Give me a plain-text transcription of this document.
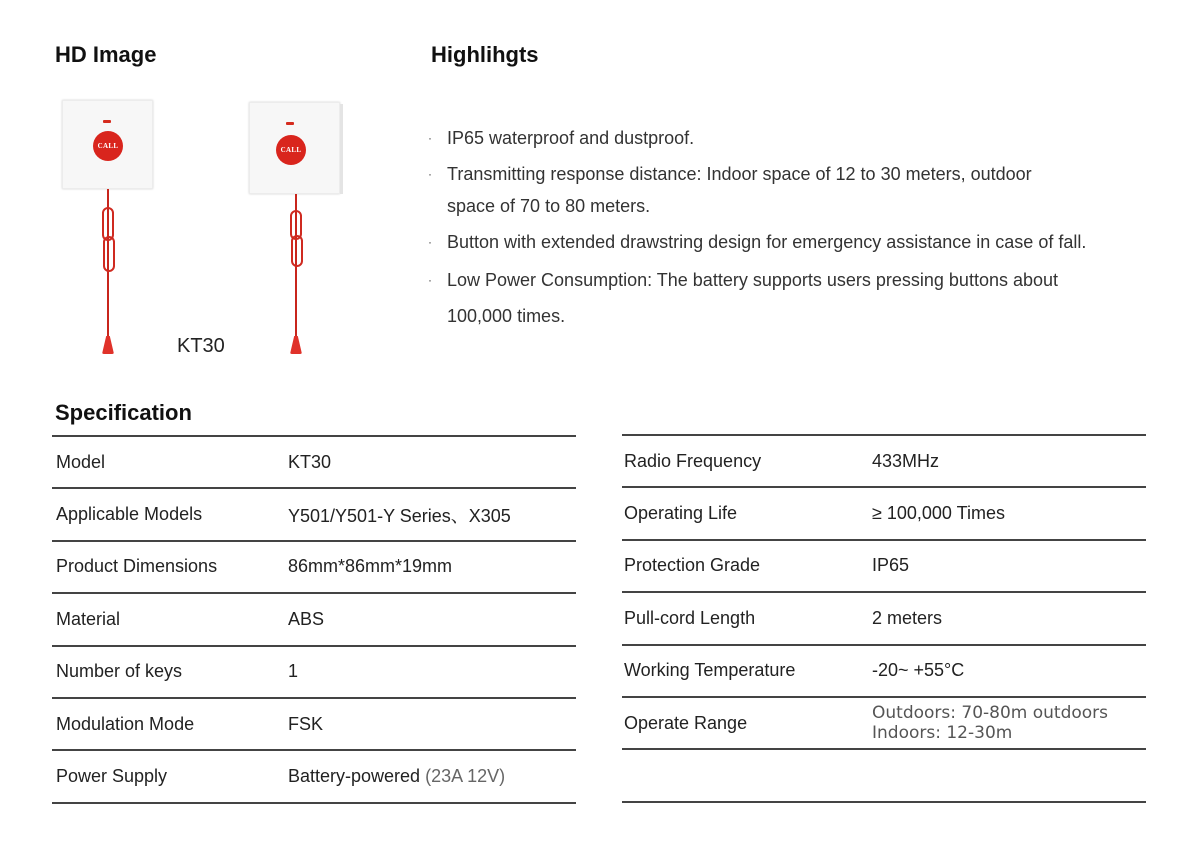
HD Image
CALL	CALL
KT30
Highlihgts
· IP65 waterproof and dustproof.
· Transmitting response distance: Indoor space of 12 to 30 meters, outdoor
space of 70 to 80 meters.
· Button with extended drawstring design for emergency assistance in case of fall.
· Low Power Consumption: The battery supports users pressing buttons about
100,000 times.
Specification
Model	KT30
Applicable Models	Y501/Y501-Y Series、X305
Product Dimensions	86mm*86mm*19mm
Material	ABS
Number of keys	1
Modulation Mode	FSK
Power Supply	Battery-powered (23A 12V)
Radio Frequency	433MHz
Operating Life	≥ 100,000 Times
Protection Grade	IP65
Pull-cord Length	2 meters
Working Temperature	-20~ +55°C
Operate Range	Outdoors: 70-80m outdoors
Indoors: 12-30m
